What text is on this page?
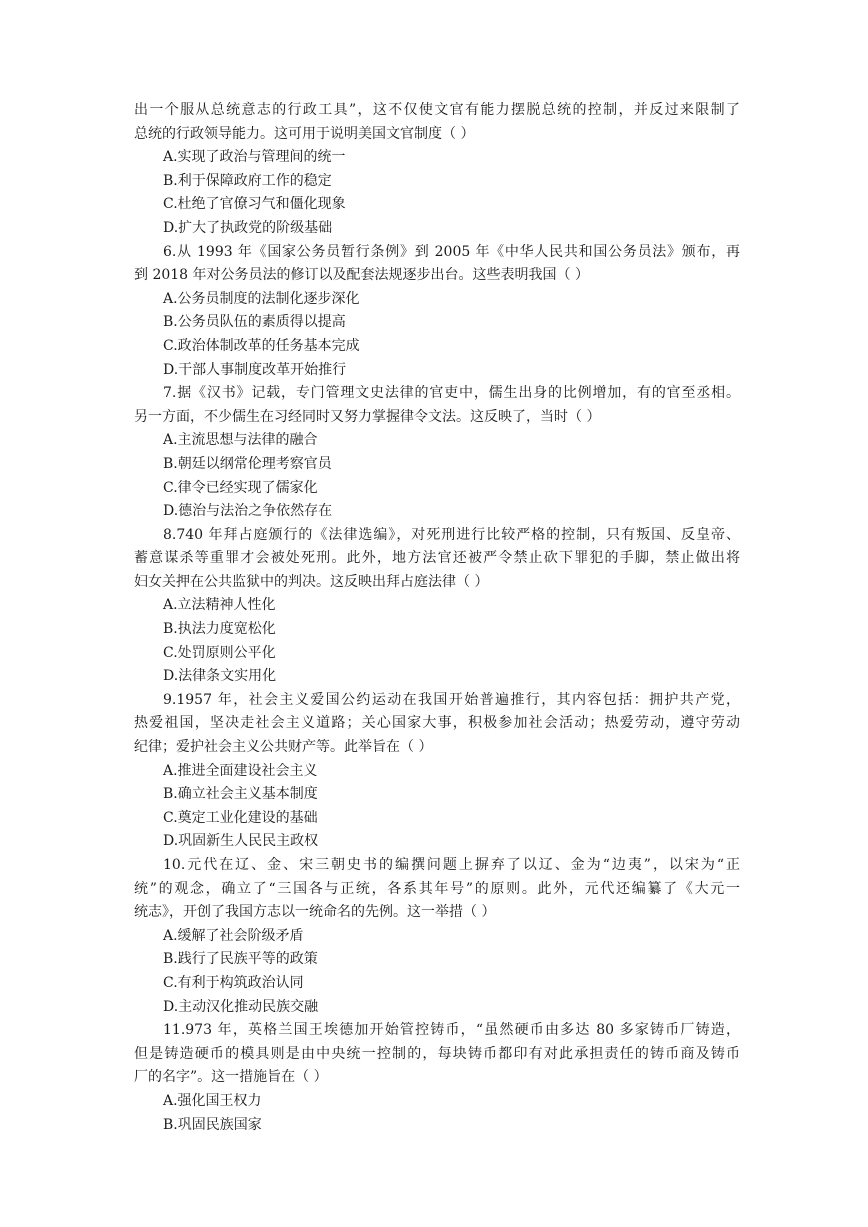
出一个服从总统意志的行政工具”，这不仅使文官有能力摆脱总统的控制，并反过来限制了
总统的行政领导能力。这可用于说明美国文官制度（ ）
A.实现了政治与管理间的统一
B.利于保障政府工作的稳定
C.杜绝了官僚习气和僵化现象
D.扩大了执政党的阶级基础
6.从 1993 年《国家公务员暂行条例》到 2005 年《中华人民共和国公务员法》颁布，再
到 2018 年对公务员法的修订以及配套法规逐步出台。这些表明我国（ ）
A.公务员制度的法制化逐步深化
B.公务员队伍的素质得以提高
C.政治体制改革的任务基本完成
D.干部人事制度改革开始推行
7.据《汉书》记载，专门管理文史法律的官吏中，儒生出身的比例增加，有的官至丞相。
另一方面，不少儒生在习经同时又努力掌握律令文法。这反映了，当时（ ）
A.主流思想与法律的融合
B.朝廷以纲常伦理考察官员
C.律令已经实现了儒家化
D.德治与法治之争依然存在
8.740 年拜占庭颁行的《法律选编》，对死刑进行比较严格的控制，只有叛国、反皇帝、
蓄意谋杀等重罪才会被处死刑。此外，地方法官还被严令禁止砍下罪犯的手脚，禁止做出将
妇女关押在公共监狱中的判决。这反映出拜占庭法律（ ）
A.立法精神人性化
B.执法力度宽松化
C.处罚原则公平化
D.法律条文实用化
9.1957 年，社会主义爱国公约运动在我国开始普遍推行，其内容包括：拥护共产党，
热爱祖国，坚决走社会主义道路；关心国家大事，积极参加社会活动；热爱劳动，遵守劳动
纪律；爱护社会主义公共财产等。此举旨在（ ）
A.推进全面建设社会主义
B.确立社会主义基本制度
C.奠定工业化建设的基础
D.巩固新生人民民主政权
10.元代在辽、金、宋三朝史书的编撰问题上摒弃了以辽、金为“边夷”，以宋为“正
统”的观念，确立了“三国各与正统，各系其年号”的原则。此外，元代还编纂了《大元一
统志》，开创了我国方志以一统命名的先例。这一举措（ ）
A.缓解了社会阶级矛盾
B.践行了民族平等的政策
C.有利于构筑政治认同
D.主动汉化推动民族交融
11.973 年，英格兰国王埃德加开始管控铸币，“虽然硬币由多达 80 多家铸币厂铸造，
但是铸造硬币的模具则是由中央统一控制的，每块铸币都印有对此承担责任的铸币商及铸币
厂的名字”。这一措施旨在（ ）
A.强化国王权力
B.巩固民族国家
